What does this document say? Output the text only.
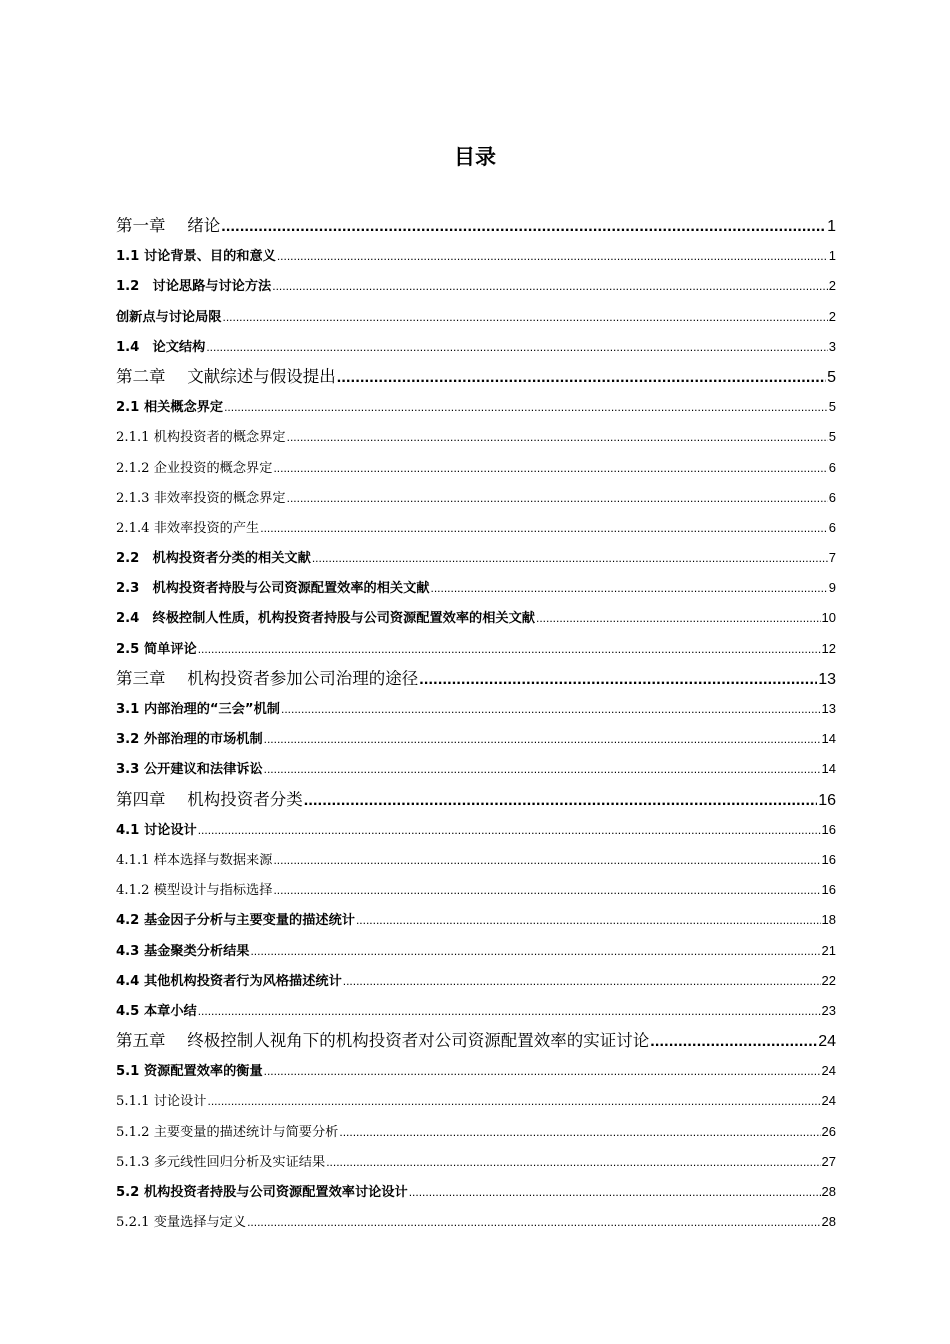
目录
第一章　 绪论 .....	1
1.1 讨论背景、目的和意义 .....	1
1.2　讨论思路与讨论方法 .....	2
创新点与讨论局限 .....	2
1.4　论文结构 .....	3
第二章　 文献综述与假设提出 .....	5
2.1 相关概念界定 .....	5
2.1.1 机构投资者的概念界定 .....	5
2.1.2 企业投资的概念界定 .....	6
2.1.3 非效率投资的概念界定 .....	6
2.1.4 非效率投资的产生 .....	6
2.2　机构投资者分类的相关文献 .....	7
2.3　机构投资者持股与公司资源配置效率的相关文献 .....	9
2.4　终极控制人性质，机构投资者持股与公司资源配置效率的相关文献 .....	10
2.5 简单评论 .....	12
第三章　 机构投资者参加公司治理的途径 .....	13
3.1 内部治理的“三会”机制 .....	13
3.2 外部治理的市场机制 .....	14
3.3 公开建议和法律诉讼 .....	14
第四章　 机构投资者分类 .....	16
4.1 讨论设计 .....	16
4.1.1 样本选择与数据来源 .....	16
4.1.2 模型设计与指标选择 .....	16
4.2 基金因子分析与主要变量的描述统计 .....	18
4.3 基金聚类分析结果 .....	21
4.4 其他机构投资者行为风格描述统计 .....	22
4.5 本章小结 .....	23
第五章　 终极控制人视角下的机构投资者对公司资源配置效率的实证讨论 .....	24
5.1 资源配置效率的衡量 .....	24
5.1.1 讨论设计 .....	24
5.1.2 主要变量的描述统计与简要分析 .....	26
5.1.3 多元线性回归分析及实证结果 .....	27
5.2 机构投资者持股与公司资源配置效率讨论设计 .....	28
5.2.1 变量选择与定义 .....	28
